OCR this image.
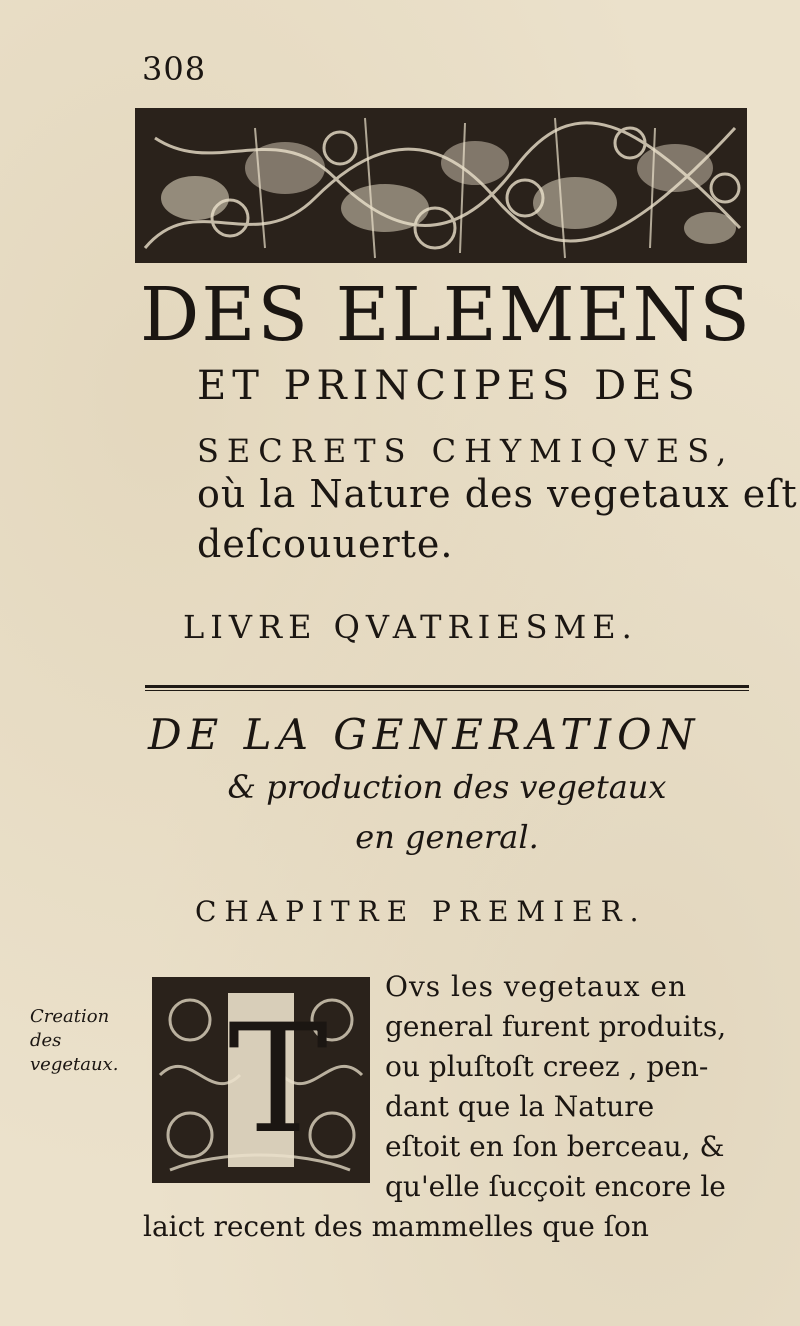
308
DES ELEMENS
ET PRINCIPES DES
SECRETS CHYMIQVES,
où la Nature des vegetaux eſt
deſcouuerte.
LIVRE QVATRIESME.
DE LA GENERATION
& production des vegetaux
en general.
CHAPITRE PREMIER.
Creation des vegetaux. T
Ovs les vegetaux en
general furent produits,
ou pluſtoſt creez , pen-
dant que la Nature
eſtoit en ſon berceau, &
qu'elle ſucçoit encore le
laict recent des mammelles que ſon
